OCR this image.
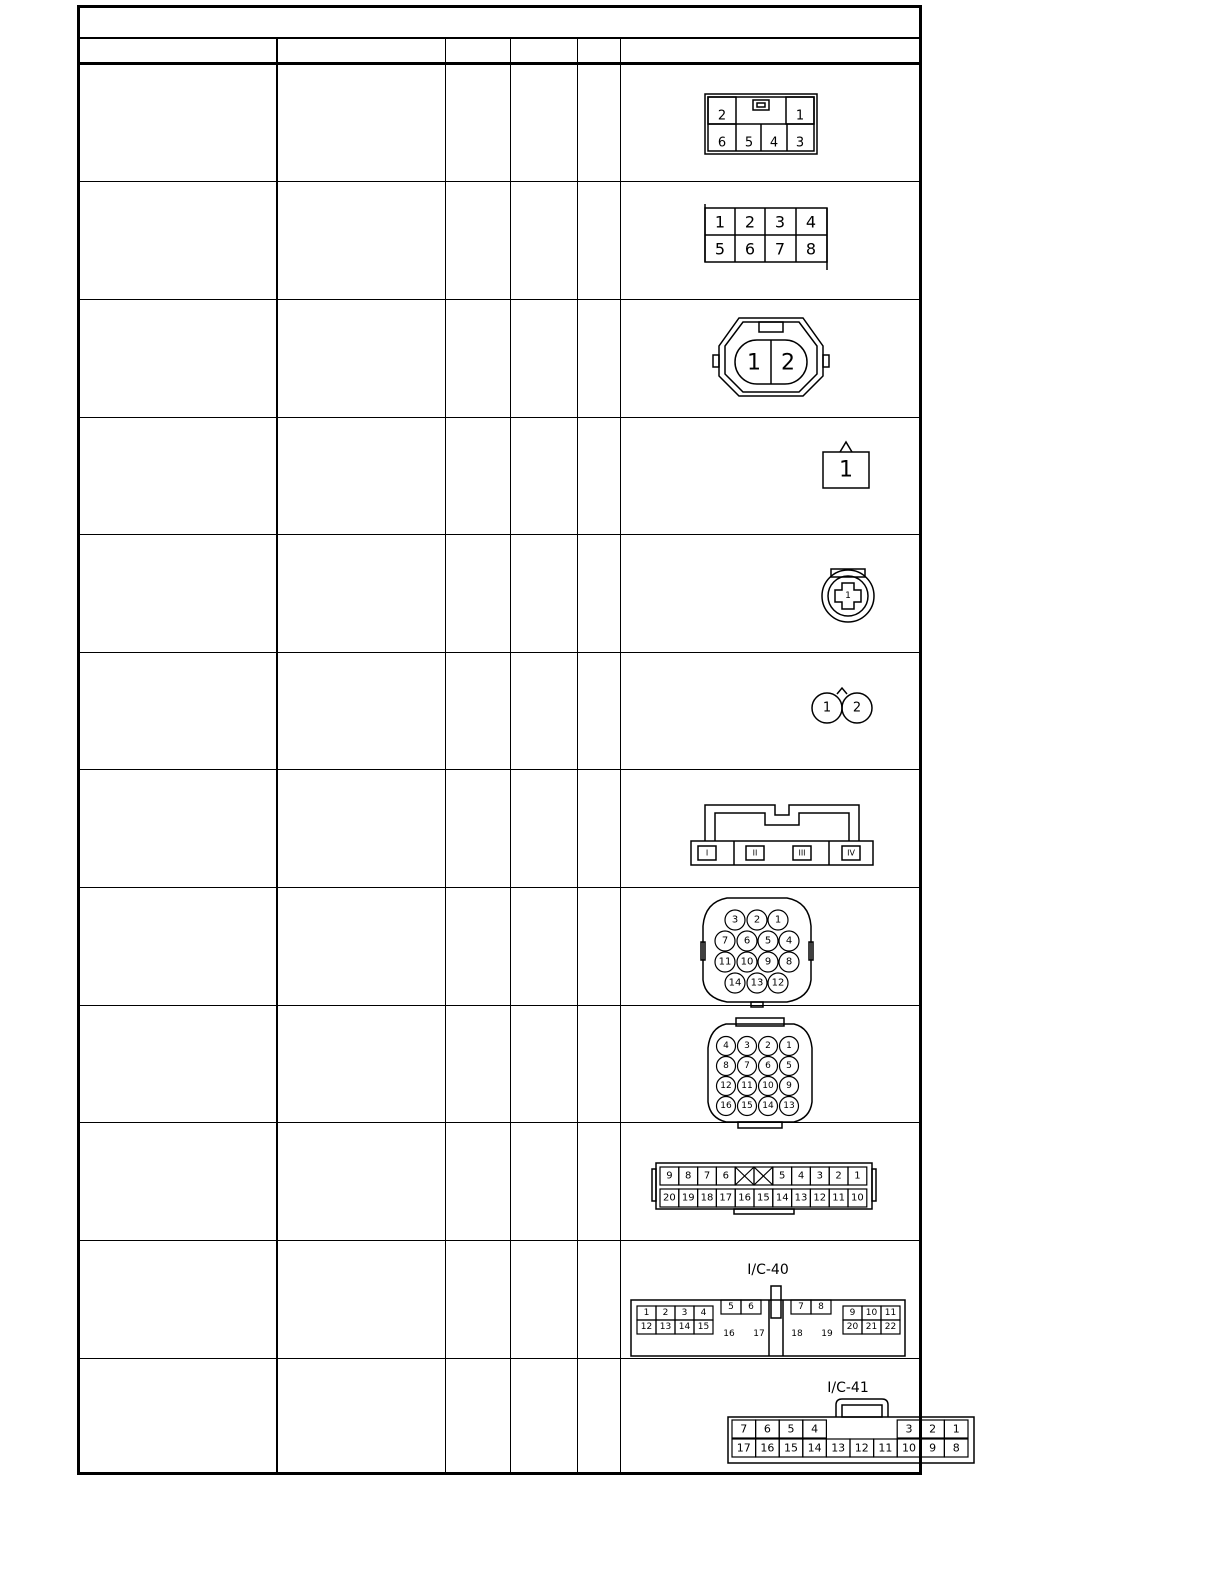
2	1
6 5 4 3
1 2 3 4
5 6 7 8
1 2
1
1
1 2
I	II	III	IV
3 2 1
7 6 5 4
11 10 9 8
14 13 12
4 3 2 1
8 7 6 5
12 11 10 9
16 15 14 13
9 8 7 6	5 4 3 2 1
20 19 18 17 16 15 14 13 12 11 10
I/C-40
1 2 3 4
12 13 14 15
5 6
16 17
7 8
18 19
9 10 11
20 21 22
I/C-41
17 16 15 14 13 12 11 10 9 8
7 6 5 4	3 2 1
